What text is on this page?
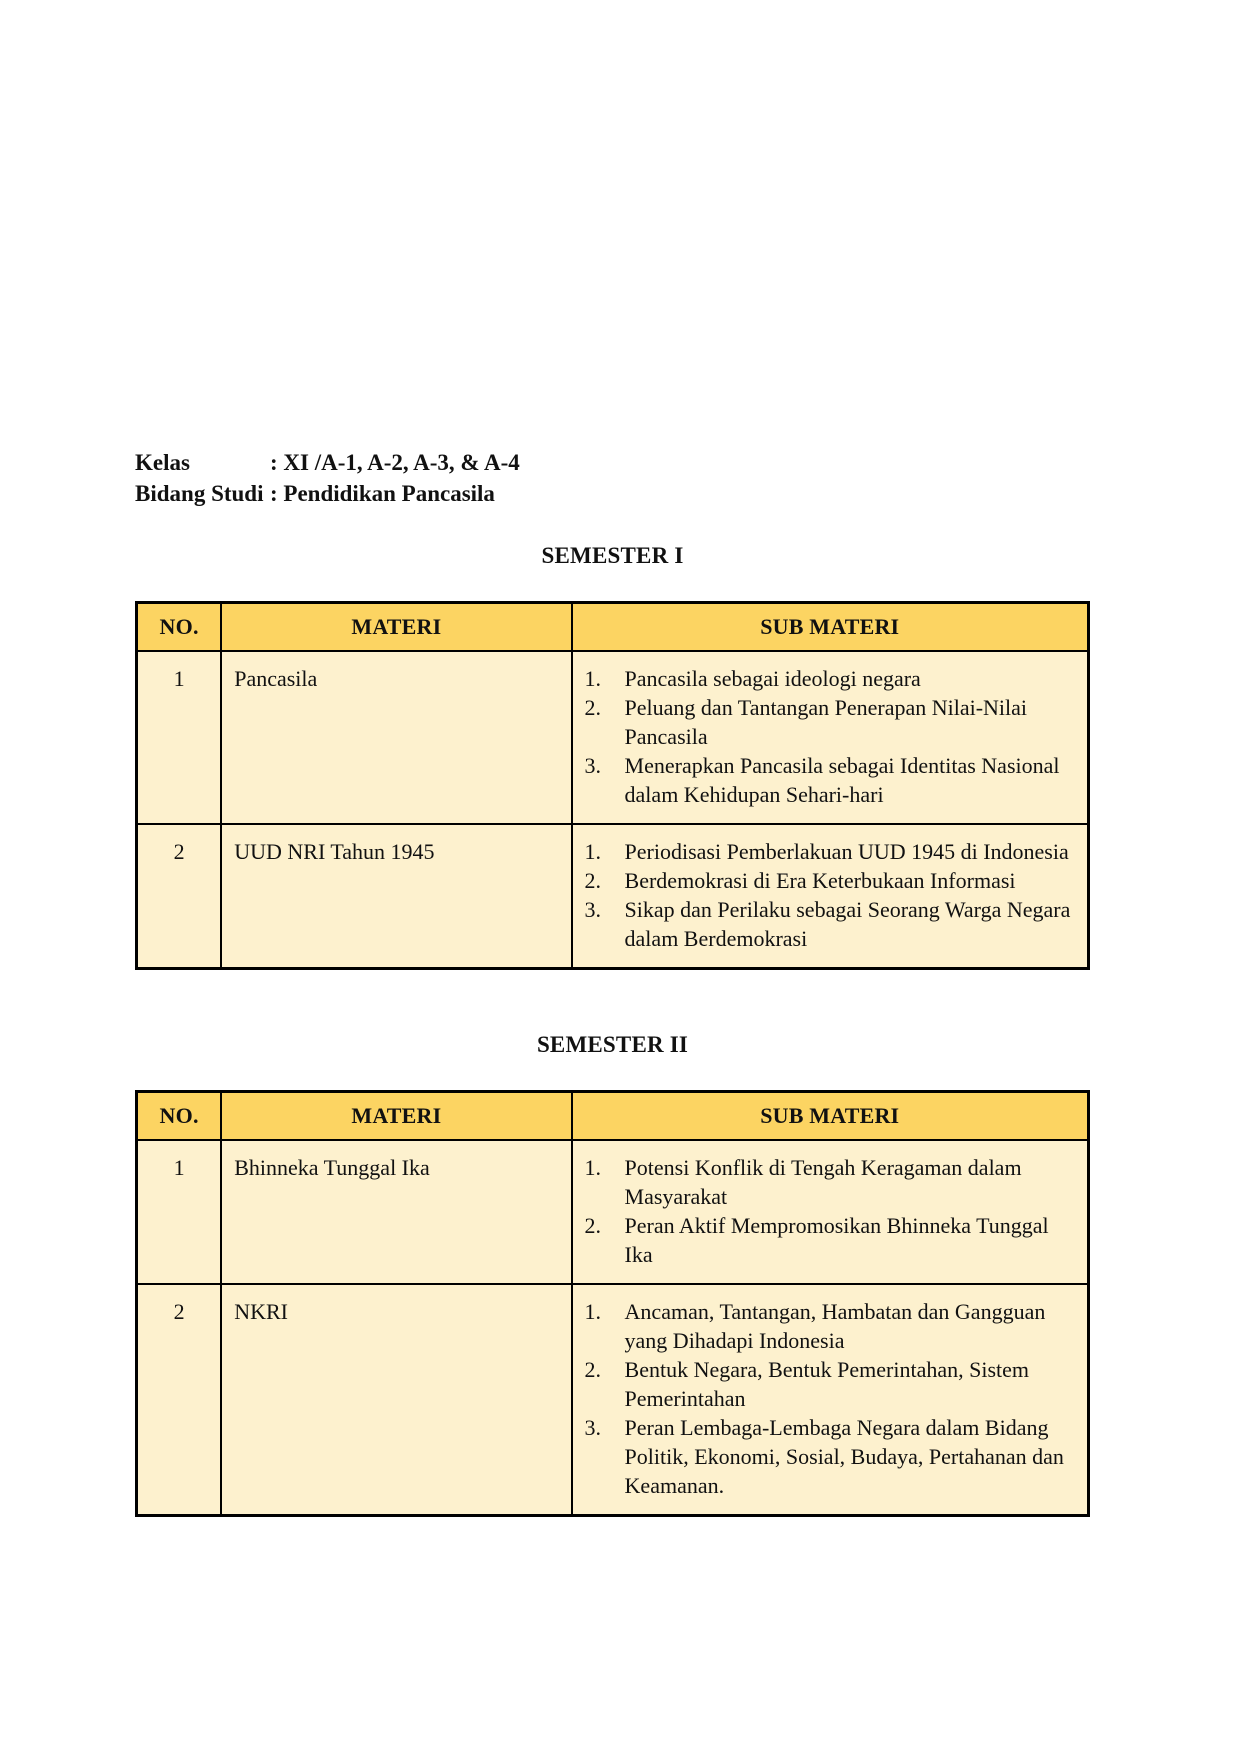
Kelas	: XI /A-1, A-2, A-3, & A-4
Bidang Studi : Pendidikan Pancasila
SEMESTER I
NO.	MATERI	SUB MATERI
1	Pancasila	1.	Pancasila sebagai ideologi negara
2.	Peluang dan Tantangan Penerapan Nilai-Nilai Pancasila
3.	Menerapkan Pancasila sebagai Identitas Nasional dalam Kehidupan Sehari-hari

2	UUD NRI Tahun 1945	1.	Periodisasi Pemberlakuan UUD 1945 di Indonesia
2.	Berdemokrasi di Era Keterbukaan Informasi
3.	Sikap dan Perilaku sebagai Seorang Warga Negara dalam Berdemokrasi
SEMESTER II
NO.	MATERI	SUB MATERI
1	Bhinneka Tunggal Ika	1. Potensi Konflik di Tengah Keragaman dalam Masyarakat
2. Peran Aktif Mempromosikan Bhinneka Tunggal Ika

2	NKRI	1.	Ancaman, Tantangan, Hambatan dan Gangguan yang Dihadapi Indonesia
2.	Bentuk Negara, Bentuk Pemerintahan, Sistem Pemerintahan
3.	Peran Lembaga-Lembaga Negara dalam Bidang Politik, Ekonomi, Sosial, Budaya, Pertahanan dan Keamanan.
